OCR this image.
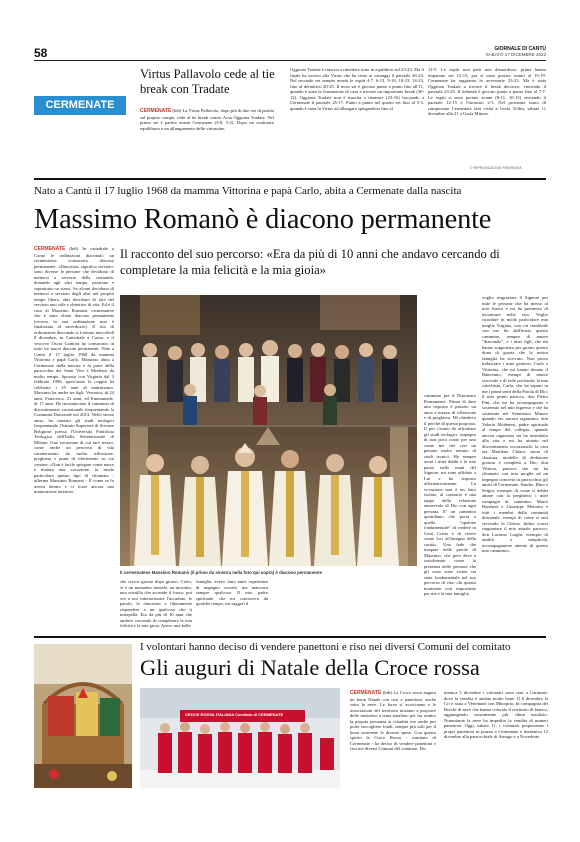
58	GIORNALE DI CANTÙ
SABATO 17 DICEMBRE 2022
CERMENATE
Virtus Pallavolo cede al tie break con Tradate
CERMENATE (bdi) La Virtus Pallavolo, dopo più di due ore di partita sul proprio campo, cede al tie break contro Acsa Oggiona Tradate. Nel primo set è partita avanti Cermenate (3-0, 5-2). Dopo un confronto equilibrato e un allungamento delle virtussine,
Oggiona Tradate è riuscita a rimettere tutto in equilibrio sul 23-23. Ma il finale ha sorriso alla Virtus che ha vinto ai vantaggi il parziale 26-24. Nel secondo set sempre avanti le ospiti 4-7, 6-13, 9-18, 10-23, 14-23, fino al definitivo 20-25. Il terzo set è giocato punto a punto fino all'11, quando è stata la formazione di casa a trovare un importante break (30-12). Oggiona Tradate non è riuscita a rientrare (23-16) lasciando a Cermenate il parziale 25-17. Punto a punto nel quarto set fino al 5-3, quando è stata la Virtus ad allungare spingendosi fino al
12-5. Le ospiti non però non demordono: prima hanno impattato sul 15-15, poi si sono portate avanti al 15-19. Cermenate ha raggiunto le avversarie 23-23. Ma è stata Oggiona Tradate a trovare il break decisivo, vincendo il parziale 23-25. Il tiebreak è giocato punto a punto fino al 7-7. Le ospiti si sono portate avanti (8-11, 10-13) vincendo il parziale 12-15 e l'incontro 2-3. Nel prossimo turno di campionato Cermenate farà visita a Gorla Volley, sabato 11 dicembre alle 21 a Gorla Minore.
© RIPRODUZIONE RISERVATA
Nato a Cantù il 17 luglio 1968 da mamma Vittorina e papà Carlo, abita a Cermenate dalla nascita
Massimo Romanò è diacono permanente
Il racconto del suo percorso: «Era da più di 10 anni che andavo cercando di completare la mia felicità e la mia gioia»
CERMENATE (bdi) In cattedrale a Como le ordinazioni diaconali: un cermenatese consacrato diacono permanente. «Diaconia» significa servizio: sono diverse le persone che decidono di mettersi a servizio della comunità, donando agli altri tempo, passione e soprattutto se stessi. Se alcuni decidono di mettersi a servizio degli altri nel proprio tempo libero, altri decidono di fare del servizio uno stile e obiettivo di vita. Ed è il caso di Massimo Romanò, cermenatese che è stato eletto diacono permanente (ovvero la sua ordinazione non è finalizzata al sacerdozio). Il rito di ordinazione diaconale si è tenuto mercoledì 8 dicembre, in Cattedrale a Como, e il vescovo Oscar Cantoni ha consacrato in tutto tre nuovi diaconi permanenti. Nato a Cantù il 17 luglio 1968 da mamma Vittorina e papà Carlo, Massimo abita a Cermenate dalla nascita e fa parte della parrocchia dei Santi Vito e Modesto da molto tempo. Sposato con Virginia dal 3 febbraio 1996, quest'anno la coppia ha celebrato i 25 anni di matrimonio. Massimo ha anche tre figli: Veronica, di 24 anni, Francesca, 21 anni, ed Emmanuele, di 17 anni. Ha incominciato il cammino di discernimento vocazionale frequentando la Comunità Diaconale nel 2013. Nello stesso anno, ha iniziato gli studi teologici frequentando l'Istituto Superiore di Scienze Religiose presso l'Università Pontificia Teologica dell'Italia Settentrionale di Milano. Una vocazione di cui fare tesoro, come anche un percorso di vita caratterizzato da molta riflessione, preghiera e punti di riferimento su cui contare: «Non è facile spiegare come nasce e matura una vocazione, in modo particolare questo tipo di chiamata - afferma Massimo Romanò - È come se lo avessi dentro e ci fosse ancora una maturazione interiore
Il cermenatese Massimo Romanò (il primo da sinistra nella foto qui sopra) è diacono permanente
che cresce giorno dopo giorno. Certo, vi è un momento iniziale, un incontro, una scintilla che accende il fuoco, poi via a noi interiorizzare l'accaduto, le parole, le emozioni e liberamente rispondere a un qualcosa che ti interpella. Era da più di 10 anni che andavo cercando di completare la mia felicità e la mia gioia. Avevo una bella
famiglia, avevo fatto tante esperienze di impegno sociale, ma mancava sempre qualcosa. Il mio padre spirituale, che mi conosceva da qualche tempo, mi suggerì il
cammino per il Diaconato Permanente. Prima di dare una risposta è passato un anno e mezzo di riflessione e di preghiera. Mi chiedevo il perché di questa proposta. Il poi c'erano da affrontare gli studi teologici, impegno di non poco conto per uno come me che con un passato molto remoto di studi tecnici. Ho sempre avuti i miei dubbi e le mie paure nelle mani del Signore, mi sono affidato a Lui e ho risposto affermativamente. La vocazione non è un fatto isolato, al contrario è una tappa della relazione amorevole di Dio con ogni persona. E' un cammino quotidiano che porta a quella "opzione fondamentale" di credere in Gesù Cristo e di vivere come Lui all'insegna della carità». Una fede che traspare nelle parole di Massimo, che però deve a sottolineare come la presenza delle persone che gli sono state vicine sia stata fondamentale nel suo percorso di vita: «In questo momento così importante per me e la mia famiglia
voglio ringraziare il Signore per tutte le persone che ha messo al mio fianco e mi ha permesso di incontrare nella vita. Voglio ricordare in modo particolare mia moglie Virginia, con cui condivide con me fin dall'inizio questo cammino, sempre di amore "diaconale", e i miei figli, che mi hanno sopportato per giorno questo dono di grazia che la nostra famiglia ha ricevuto. Non posso tralasciare i miei genitori, Carlo e Vittorina, che mi hanno donato il Battesimo, esempi di amore viscerale e di fede profonda; la mia catechista, Carla, che ha saputo in me i primi semi della Parola di Dio; il mio primo parroco, don Pietro Pini, che mi ha accompagnato e sostenuto nel mio ingresso e che ha sostenuto nel Seminario Minore quando ero ancora ragazzino; don Valerio Modenesi, padre spirituale al tempo del collegio, quando ancora ragazzino mi ha introdotto alla vita e mi ha aiutato nel discernimento vocazionale; la cara zia Marilena Chiara, suora di clausura, modello di dedizione gioiosa e completa a Dio; don Vittorio, parroco che mi ha chiamato con mia moglie ad un impegno concreto in parrocchia; gli amici di Cermenate, Sandro, Rino e Sergio, esempio di come si debba amare con la preghiera; i miei compagni di cammino, Mario Bonfanti e Giuseppe Menafra e tutti i membri della comunità diaconale, esempi di come si ami servendo la Chiesa. Infine vorrei ringraziare il mio attuale parroco, don Luciano Larghi, esempio di umiltà e semplicità, accompagnatore attento di questo mio cammino».
I volontari hanno deciso di vendere panettoni e riso nei diversi Comuni del comitato
Gli auguri di Natale della Croce rossa
CROCE ROSSA ITALIANA Comitato di CERMENATE
CERMENATE (bdi) La Croce rossa augura un buon Natale con riso e panettoni, anche sotto la neve. Le forze si avvicinano e le associazioni del territorio iniziano a proporre delle iniziative a tema natalizio per far sentire la propria presenza ai cittadini ma anche per poter raccogliere fondi, sempre più utili per il buon sostenere le diverse spese. Con questo spirito la Croce Rossa - comitato di Cermenate - ha deciso di vendere panettoni e riso nei diversi Comuni del comitato. Do-
menica 5 dicembre i volontari sono stati a Carimate, dove la vendita è andata molto bene. Il 8 dicembre la Cri è stata a Vertemate con Minoprio, in compagnia dei Borchi di neve che hanno colorato il territorio di bianco, aggiungendo sicuramente più clima natalizio. Nonostante la neve ha impedito la vendita di numeri panettoni. Oggi, sabato 11, i volontari proporranno i propri panettoni in piazza a Cermenate e domenica 12 dicembre alla parrocchiale di Asnago e a Novedrate.
